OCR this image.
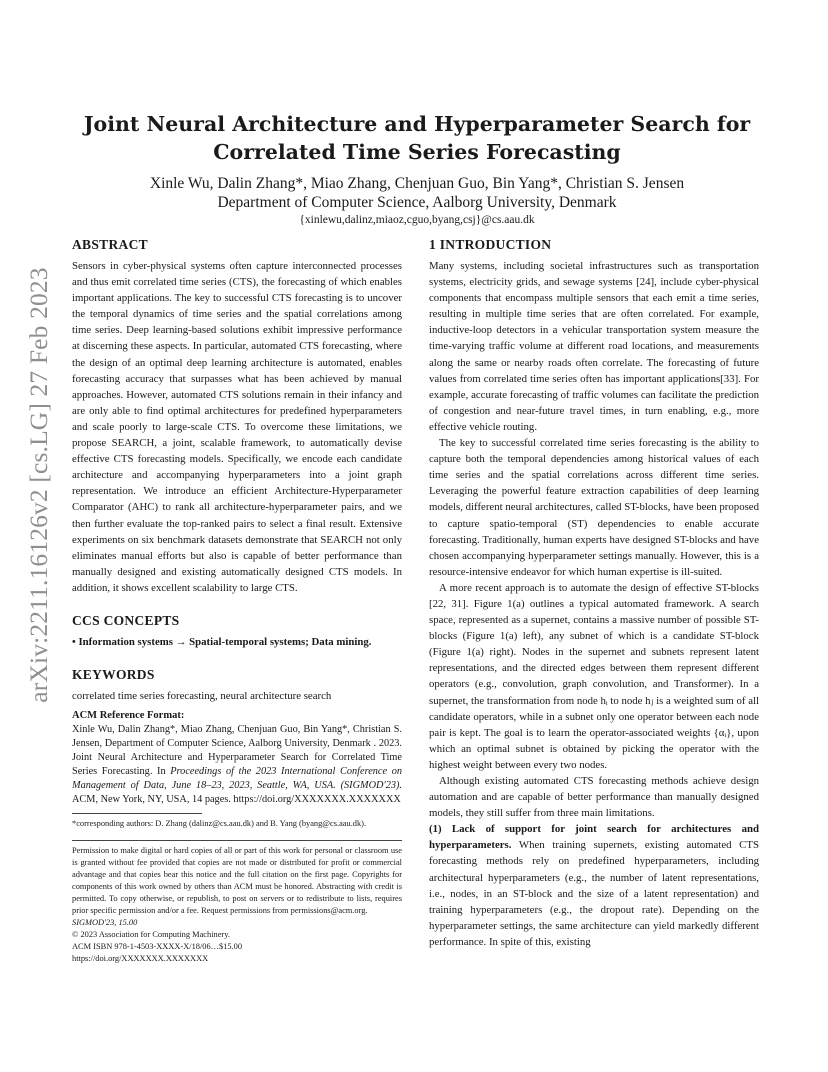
arXiv:2211.16126v2 [cs.LG] 27 Feb 2023
Joint Neural Architecture and Hyperparameter Search for
Correlated Time Series Forecasting
Xinle Wu, Dalin Zhang*, Miao Zhang, Chenjuan Guo, Bin Yang*, Christian S. Jensen
Department of Computer Science, Aalborg University, Denmark
{xinlewu,dalinz,miaoz,cguo,byang,csj}@cs.aau.dk
ABSTRACT

Sensors in cyber-physical systems often capture interconnected processes and thus emit correlated time series (CTS), the forecasting of which enables important applications. The key to successful CTS forecasting is to uncover the temporal dynamics of time series and the spatial correlations among time series. Deep learning-based solutions exhibit impressive performance at discerning these aspects. In particular, automated CTS forecasting, where the design of an optimal deep learning architecture is automated, enables forecasting accuracy that surpasses what has been achieved by manual approaches. However, automated CTS solutions remain in their infancy and are only able to find optimal architectures for predefined hyperparameters and scale poorly to large-scale CTS. To overcome these limitations, we propose SEARCH, a joint, scalable framework, to automatically devise effective CTS forecasting models. Specifically, we encode each candidate architecture and accompanying hyperparameters into a joint graph representation. We introduce an efficient Architecture-Hyperparameter Comparator (AHC) to rank all architecture-hyperparameter pairs, and we then further evaluate the top-ranked pairs to select a final result. Extensive experiments on six benchmark datasets demonstrate that SEARCH not only eliminates manual efforts but also is capable of better performance than manually designed and existing automatically designed CTS models. In addition, it shows excellent scalability to large CTS.

CCS CONCEPTS

• Information systems → Spatial-temporal systems; Data mining.

KEYWORDS

correlated time series forecasting, neural architecture search

ACM Reference Format:

Xinle Wu, Dalin Zhang*, Miao Zhang, Chenjuan Guo, Bin Yang*, Christian S. Jensen, Department of Computer Science, Aalborg University, Denmark . 2023. Joint Neural Architecture and Hyperparameter Search for Correlated Time Series Forecasting. In Proceedings of the 2023 International Conference on Management of Data, June 18–23, 2023, Seattle, WA, USA. (SIGMOD'23). ACM, New York, NY, USA, 14 pages. https://doi.org/XXXXXXX.XXXXXXX

*corresponding authors: D. Zhang (dalinz@cs.aau.dk) and B. Yang (byang@cs.aau.dk).

Permission to make digital or hard copies of all or part of this work for personal or classroom use is granted without fee provided that copies are not made or distributed for profit or commercial advantage and that copies bear this notice and the full citation on the first page. Copyrights for components of this work owned by others than ACM must be honored. Abstracting with credit is permitted. To copy otherwise, or republish, to post on servers or to redistribute to lists, requires prior specific permission and/or a fee. Request permissions from permissions@acm.org.

SIGMOD'23, 15.00

© 2023 Association for Computing Machinery.

ACM ISBN 978-1-4503-XXXX-X/18/06…$15.00

https://doi.org/XXXXXXX.XXXXXXX

1 INTRODUCTION

Many systems, including societal infrastructures such as transportation systems, electricity grids, and sewage systems [24], include cyber-physical components that encompass multiple sensors that each emit a time series, resulting in multiple time series that are often correlated. For example, inductive-loop detectors in a vehicular transportation system measure the time-varying traffic volume at different road locations, and measurements along the same or nearby roads often correlate. The forecasting of future values from correlated time series often has important applications[33]. For example, accurate forecasting of traffic volumes can facilitate the prediction of congestion and near-future travel times, in turn enabling, e.g., more effective vehicle routing.

The key to successful correlated time series forecasting is the ability to capture both the temporal dependencies among historical values of each time series and the spatial correlations across different time series. Leveraging the powerful feature extraction capabilities of deep learning models, different neural architectures, called ST-blocks, have been proposed to capture spatio-temporal (ST) dependencies to enable accurate forecasting. Traditionally, human experts have designed ST-blocks and have chosen accompanying hyperparameter settings manually. However, this is a resource-intensive endeavor for which human expertise is ill-suited.

A more recent approach is to automate the design of effective ST-blocks [22, 31]. Figure 1(a) outlines a typical automated framework. A search space, represented as a supernet, contains a massive number of possible ST-blocks (Figure 1(a) left), any subnet of which is a candidate ST-block (Figure 1(a) right). Nodes in the supernet and subnets represent latent representations, and the directed edges between them represent different operators (e.g., convolution, graph convolution, and Transformer). In a supernet, the transformation from node hᵢ to node hⱼ is a weighted sum of all candidate operators, while in a subnet only one operator between each node pair is kept. The goal is to learn the operator-associated weights {αᵢ}, upon which an optimal subnet is obtained by picking the operator with the highest weight between every two nodes.

Although existing automated CTS forecasting methods achieve design automation and are capable of better performance than manually designed models, they still suffer from three main limitations.

(1) Lack of support for joint search for architectures and hyperparameters. When training supernets, existing automated CTS forecasting methods rely on predefined hyperparameters, including architectural hyperparameters (e.g., the number of latent representations, i.e., nodes, in an ST-block and the size of a latent representation) and training hyperparameters (e.g., the dropout rate). Depending on the hyperparameter settings, the same architecture can yield markedly different performance. In spite of this, existing
